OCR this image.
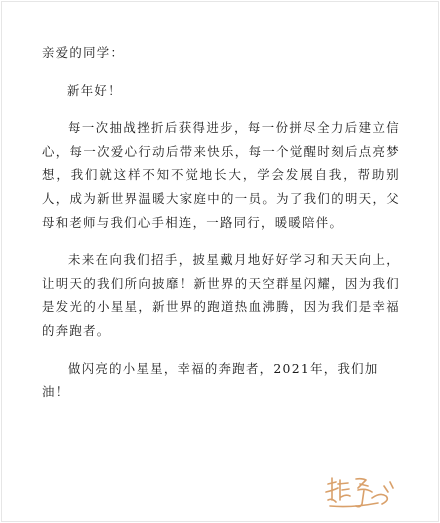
亲爱的同学：

新年好！

每一次抽战挫折后获得进步，每一份拼尽全力后建立信心，每一次爱心行动后带来快乐，每一个觉醒时刻后点亮梦想，我们就这样不知不觉地长大，学会发展自我，帮助别人，成为新世界温暖大家庭中的一员。为了我们的明天，父母和老师与我们心手相连，一路同行，暖暖陪伴。

未来在向我们招手，披星戴月地好好学习和天天向上，让明天的我们所向披靡！新世界的天空群星闪耀，因为我们是发光的小星星，新世界的跑道热血沸腾，因为我们是幸福的奔跑者。

做闪亮的小星星，幸福的奔跑者，2021年，我们加油！
